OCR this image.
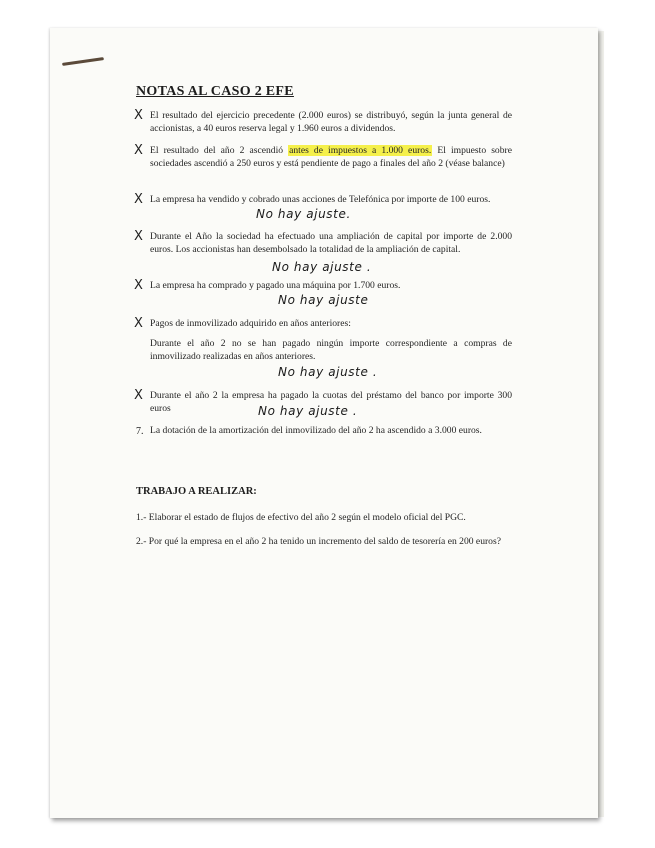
NOTAS AL CASO 2 EFE
X El resultado del ejercicio precedente (2.000 euros) se distribuyó, según la junta general de accionistas, a 40 euros reserva legal y 1.960 euros a dividendos.
X El resultado del año 2 ascendió antes de impuestos a 1.000 euros. El impuesto sobre sociedades ascendió a 250 euros y está pendiente de pago a finales del año 2 (véase balance)
X La empresa ha vendido y cobrado unas acciones de Telefónica por importe de 100 euros.
No hay ajuste.
X Durante el Año la sociedad ha efectuado una ampliación de capital por importe de 2.000 euros. Los accionistas han desembolsado la totalidad de la ampliación de capital.
No hay ajuste .
X La empresa ha comprado y pagado una máquina por 1.700 euros.
No hay ajuste
X Pagos de inmovilizado adquirido en años anteriores:
Durante el año 2 no se han pagado ningún importe correspondiente a compras de inmovilizado realizadas en años anteriores.
No hay ajuste .
X Durante el año 2 la empresa ha pagado la cuotas del préstamo del banco por importe 300 euros	No hay ajuste .
7. La dotación de la amortización del inmovilizado del año 2 ha ascendido a 3.000 euros.
TRABAJO A REALIZAR:
1.- Elaborar el estado de flujos de efectivo del año 2 según el modelo oficial del PGC.
2.- Por qué la empresa en el año 2 ha tenido un incremento del saldo de tesorería en 200 euros?
